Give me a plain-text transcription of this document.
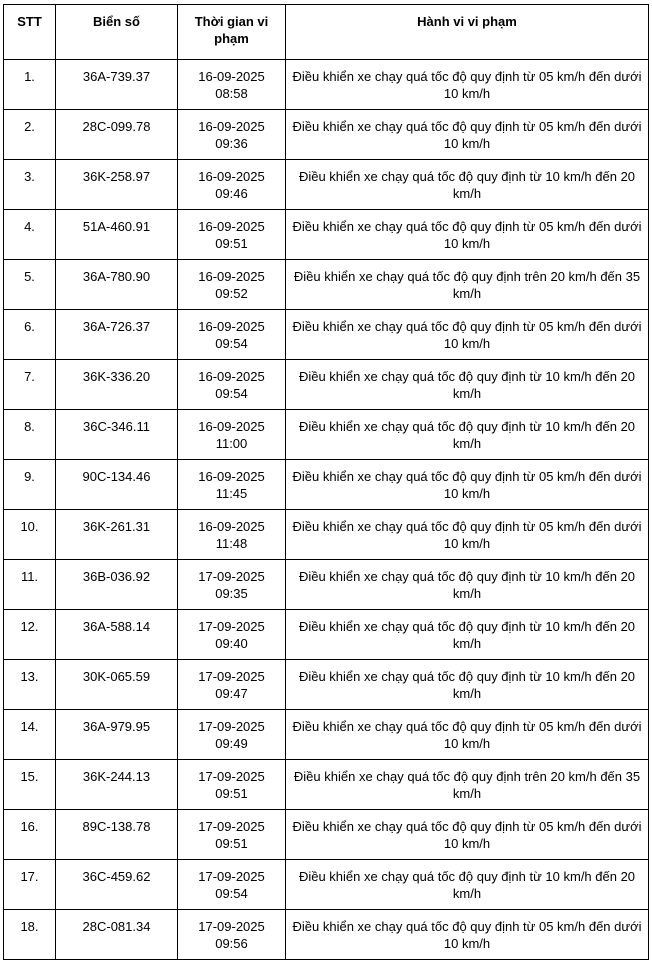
STT	Biển số	Thời gian vi phạm	Hành vi vi phạm
1.	36A-739.37	16-09-2025 08:58	Điều khiển xe chạy quá tốc độ quy định từ 05 km/h đến dưới 10 km/h
2.	28C-099.78	16-09-2025 09:36	Điều khiển xe chạy quá tốc độ quy định từ 05 km/h đến dưới 10 km/h
3.	36K-258.97	16-09-2025 09:46	Điều khiển xe chạy quá tốc độ quy định từ 10 km/h đến 20 km/h
4.	51A-460.91	16-09-2025 09:51	Điều khiển xe chạy quá tốc độ quy định từ 05 km/h đến dưới 10 km/h
5.	36A-780.90	16-09-2025 09:52	Điều khiển xe chạy quá tốc độ quy định trên 20 km/h đến 35 km/h
6.	36A-726.37	16-09-2025 09:54	Điều khiển xe chạy quá tốc độ quy định từ 05 km/h đến dưới 10 km/h
7.	36K-336.20	16-09-2025 09:54	Điều khiển xe chạy quá tốc độ quy định từ 10 km/h đến 20 km/h
8.	36C-346.11	16-09-2025 11:00	Điều khiển xe chạy quá tốc độ quy định từ 10 km/h đến 20 km/h
9.	90C-134.46	16-09-2025 11:45	Điều khiển xe chạy quá tốc độ quy định từ 05 km/h đến dưới 10 km/h
10.	36K-261.31	16-09-2025 11:48	Điều khiển xe chạy quá tốc độ quy định từ 05 km/h đến dưới 10 km/h
11.	36B-036.92	17-09-2025 09:35	Điều khiển xe chạy quá tốc độ quy định từ 10 km/h đến 20 km/h
12.	36A-588.14	17-09-2025 09:40	Điều khiển xe chạy quá tốc độ quy định từ 10 km/h đến 20 km/h
13.	30K-065.59	17-09-2025 09:47	Điều khiển xe chạy quá tốc độ quy định từ 10 km/h đến 20 km/h
14.	36A-979.95	17-09-2025 09:49	Điều khiển xe chạy quá tốc độ quy định từ 05 km/h đến dưới 10 km/h
15.	36K-244.13	17-09-2025 09:51	Điều khiển xe chạy quá tốc độ quy định trên 20 km/h đến 35 km/h
16.	89C-138.78	17-09-2025 09:51	Điều khiển xe chạy quá tốc độ quy định từ 05 km/h đến dưới 10 km/h
17.	36C-459.62	17-09-2025 09:54	Điều khiển xe chạy quá tốc độ quy định từ 10 km/h đến 20 km/h
18.	28C-081.34	17-09-2025 09:56	Điều khiển xe chạy quá tốc độ quy định từ 05 km/h đến dưới 10 km/h
